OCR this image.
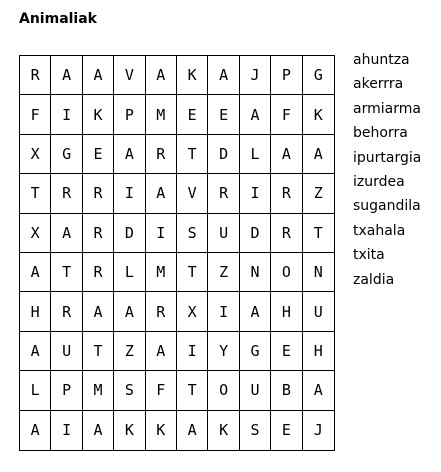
Animaliak
R	A	A	V	A	K	A	J	P	G
F	I	K	P	M	E	E	A	F	K
X	G	E	A	R	T	D	L	A	A
T	R	R	I	A	V	R	I	R	Z
X	A	R	D	I	S	U	D	R	T
A	T	R	L	M	T	Z	N	O	N
H	R	A	A	R	X	I	A	H	U
A	U	T	Z	A	I	Y	G	E	H
L	P	M	S	F	T	O	U	B	A
A	I	A	K	K	A	K	S	E	J
ahuntza
akerrra
armiarma
behorra
ipurtargia
izurdea
sugandila
txahala
txita
zaldia
